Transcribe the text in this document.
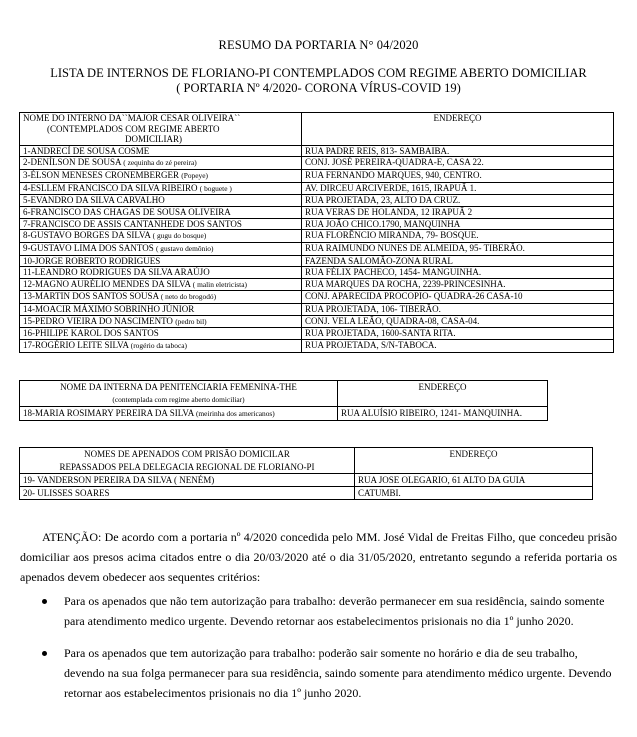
RESUMO DA PORTARIA N° 04/2020
LISTA DE INTERNOS DE FLORIANO-PI CONTEMPLADOS COM REGIME ABERTO DOMICILIAR
( PORTARIA Nº 4/2020- CORONA VÍRUS-COVID 19)
NOME DO INTERNO DA``MAJOR CESAR OLIVEIRA``
(CONTEMPLADOS COM REGIME ABERTO
DOMICILIAR)	ENDEREÇO
1-ANDRECÍ DE SOUSA COSME	RUA PADRE REIS, 813- SAMBAIBA.
2-DENÍLSON DE SOUSA ( zequinha do zé pereira)	CONJ. JOSÉ PEREIRA-QUADRA-E, CASA 22.
3-ÉLSON MENESES CRONEMBERGER (Popeye)	RUA FERNANDO MARQUES, 940, CENTRO.
4-ESLLEM FRANCISCO DA SILVA RIBEIRO ( boguete )	AV. DIRCEU ARCIVERDE, 1615, IRAPUÃ 1.
5-EVANDRO DA SILVA CARVALHO	RUA PROJETADA, 23, ALTO DA CRUZ.
6-FRANCISCO DAS CHAGAS DE SOUSA OLIVEIRA	RUA VERAS DE HOLANDA, 12 IRAPUÃ 2
7-FRANCISCO DE ASSIS CANTANHEDE DOS SANTOS	RUA JOÃO CHICO.1790, MANQUINHA
8-GUSTAVO BORGES DA SILVA ( gugu do bosque)	RUA FLORÊNCIO MIRANDA, 79- BOSQUE.
9-GUSTAVO LIMA DOS SANTOS ( gustavo demônio)	RUA RAIMUNDO NUNES DE ALMEIDA, 95- TIBERÃO.
10-JORGE ROBERTO RODRIGUES	FAZENDA SALOMÃO-ZONA RURAL
11-LEANDRO RODRIGUES DA SILVA ARAÚJO	RUA FÉLIX PACHECO, 1454- MANGUINHA.
12-MAGNO AURÉLIO MENDES DA SILVA ( malin eletricista)	RUA MARQUES DA ROCHA, 2239-PRINCESINHA.
13-MARTIN DOS SANTOS SOUSA ( neto do brogodó)	CONJ. APARECIDA PROCOPIO- QUADRA-26 CASA-10
14-MOACIR MÁXIMO SOBRINHO JÚNIOR	RUA PROJETADA, 106- TIBERÃO.
15-PEDRO VIEIRA DO NASCIMENTO (pedro bil)	CONJ. VELA LEÃO, QUADRA-08, CASA-04.
16-PHILIPE KAROL DOS SANTOS	RUA PROJETADA, 1600-SANTA RITA.
17-ROGÉRIO LEITE SILVA (rogério da taboca)	RUA PROJETADA, S/N-TABOCA.
NOME DA INTERNA DA PENITENCIARIA FEMENINA-THE
(contemplada com regime aberto domiciliar)	ENDEREÇO
18-MARIA ROSIMARY PEREIRA DA SILVA (meirinha dos americanos)	RUA ALUÍSIO RIBEIRO, 1241- MANQUINHA.
NOMES DE APENADOS COM PRISÃO DOMICILAR
REPASSADOS PELA DELEGACIA REGIONAL DE FLORIANO-PI	ENDEREÇO
19- VANDERSON PEREIRA DA SILVA ( NENÉM)	RUA JOSE OLEGARIO, 61 ALTO DA GUIA
20- ULISSES SOARES	CATUMBI.

ATENÇÃO: De acordo com a portaria nº 4/2020 concedida pelo MM. José Vidal de Freitas Filho, que concedeu prisão domiciliar aos presos acima citados entre o dia 20/03/2020 até o dia 31/05/2020, entretanto segundo a referida portaria os apenados devem obedecer aos sequentes critérios:

Para os apenados que não tem autorização para trabalho: deverão permanecer em sua residência, saindo somente para atendimento medico urgente. Devendo retornar aos estabelecimentos prisionais no dia 1º junho 2020.
Para os apenados que tem autorização para trabalho: poderão sair somente no horário e dia de seu trabalho, devendo na sua folga permanecer para sua residência, saindo somente para atendimento médico urgente. Devendo retornar aos estabelecimentos prisionais no dia 1º junho 2020.
